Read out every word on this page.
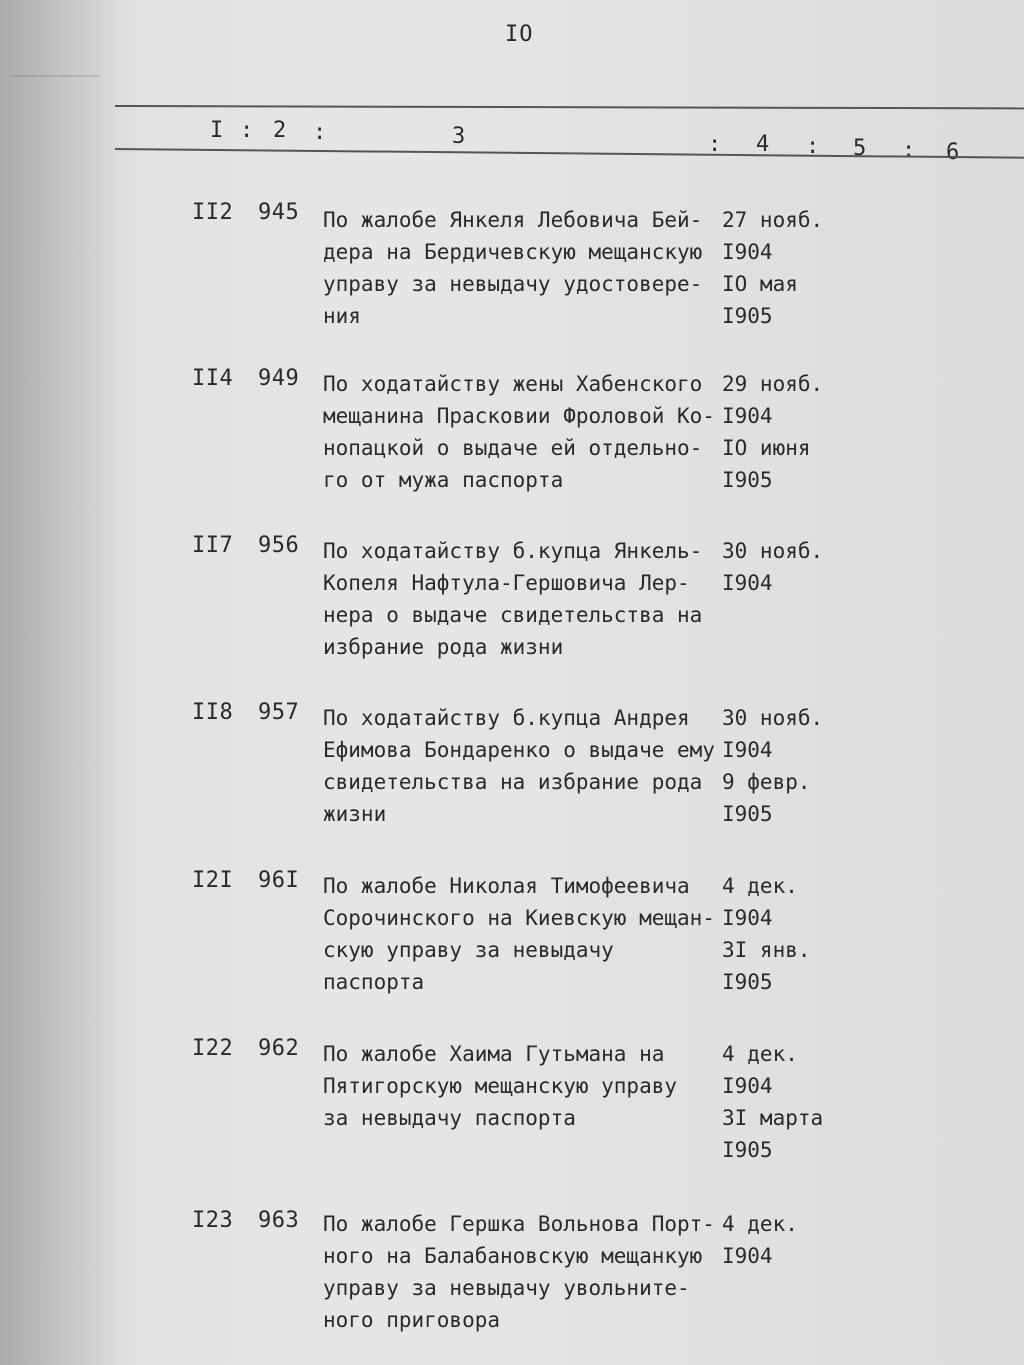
IO
I : 2 :	3	: 4 : 5 : 6
II2 945 По жалобе Янкеля Лебовича Бей-
дера на Бердичевскую мещанскую
управу за невыдачу удостовере-
ния
27 нояб.
I904
IO мая
I905
II4 949 По ходатайству жены Хабенского
мещанина Прасковии Фроловой Ко-
нопацкой о выдаче ей отдельно-
го от мужа паспорта
29 нояб.
I904
IO июня
I905
II7 956 По ходатайству б.купца Янкель-
Копеля Нафтула-Гершовича Лер-
нера о выдаче свидетельства на
избрание рода жизни
30 нояб.
I904
II8 957 По ходатайству б.купца Андрея
Ефимова Бондаренко о выдаче ему
свидетельства на избрание рода
жизни
30 нояб.
I904
9 февр.
I905
I2I 96I По жалобе Николая Тимофеевича
Сорочинского на Киевскую мещан-
скую управу за невыдачу паспорта
4 дек.
I904
3I янв.
I905
I22 962 По жалобе Хаима Гутьмана на
Пятигорскую мещанскую управу
за невыдачу паспорта
4 дек.
I904
3I марта
I905
I23 963 По жалобе Гершка Вольнова Порт-
ного на Балабановскую мещанкую
управу за невыдачу увольните-
ного приговора
4 дек.
I904
